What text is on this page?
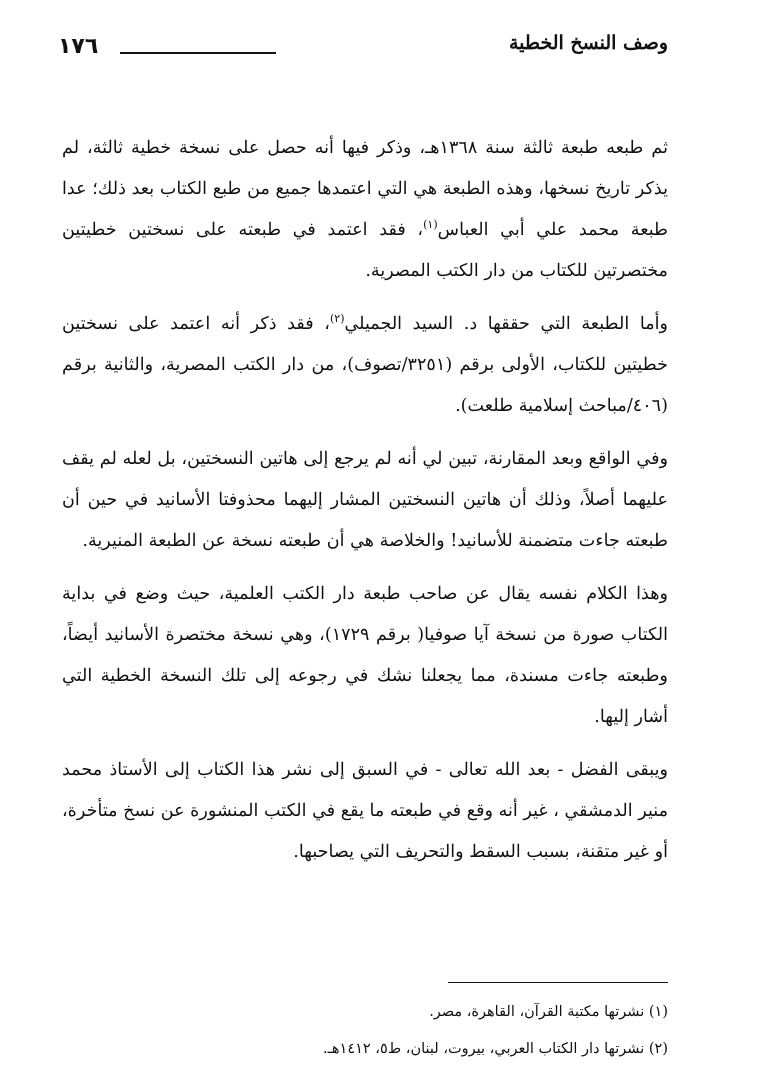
١٧٦	وصف النسخ الخطية

ثم طبعه طبعة ثالثة سنة ١٣٦٨هـ، وذكر فيها أنه حصل على نسخة خطية ثالثة، لم يذكر تاريخ نسخها، وهذه الطبعة هي التي اعتمدها جميع من طبع الكتاب بعد ذلك؛ عدا طبعة محمد علي أبي العباس$^{(١)}$، فقد اعتمد في طبعته على نسختين خطيتين مختصرتين للكتاب من دار الكتب المصرية.

وأما الطبعة التي حققها د. السيد الجميلي$^{(٢)}$، فقد ذكر أنه اعتمد على نسختين خطيتين للكتاب، الأولى برقم (٣٢٥١/تصوف)، من دار الكتب المصرية، والثانية برقم (٤٠٦/مباحث إسلامية طلعت).

وفي الواقع وبعد المقارنة، تبين لي أنه لم يرجع إلى هاتين النسختين، بل لعله لم يقف عليهما أصلاً، وذلك أن هاتين النسختين المشار إليهما محذوفتا الأسانيد في حين أن طبعته جاءت متضمنة للأسانيد! والخلاصة هي أن طبعته نسخة عن الطبعة المنيرية.

وهذا الكلام نفسه يقال عن صاحب طبعة دار الكتب العلمية، حيث وضع في بداية الكتاب صورة من نسخة آيا صوفيا( برقم ١٧٢٩)، وهي نسخة مختصرة الأسانيد أيضاً، وطبعته جاءت مسندة، مما يجعلنا نشك في رجوعه إلى تلك النسخة الخطية التي أشار إليها.

ويبقى الفضل - بعد الله تعالى - في السبق إلى نشر هذا الكتاب إلى الأستاذ محمد منير الدمشقي ، غير أنه وقع في طبعته ما يقع في الكتب المنشورة عن نسخ متأخرة، أو غير متقنة، بسبب السقط والتحريف التي يصاحبها.

(١) نشرتها مكتبة القرآن، القاهرة، مصر.
(٢) نشرتها دار الكتاب العربي، بيروت، لبنان، ط٥، ١٤١٢هـ.
